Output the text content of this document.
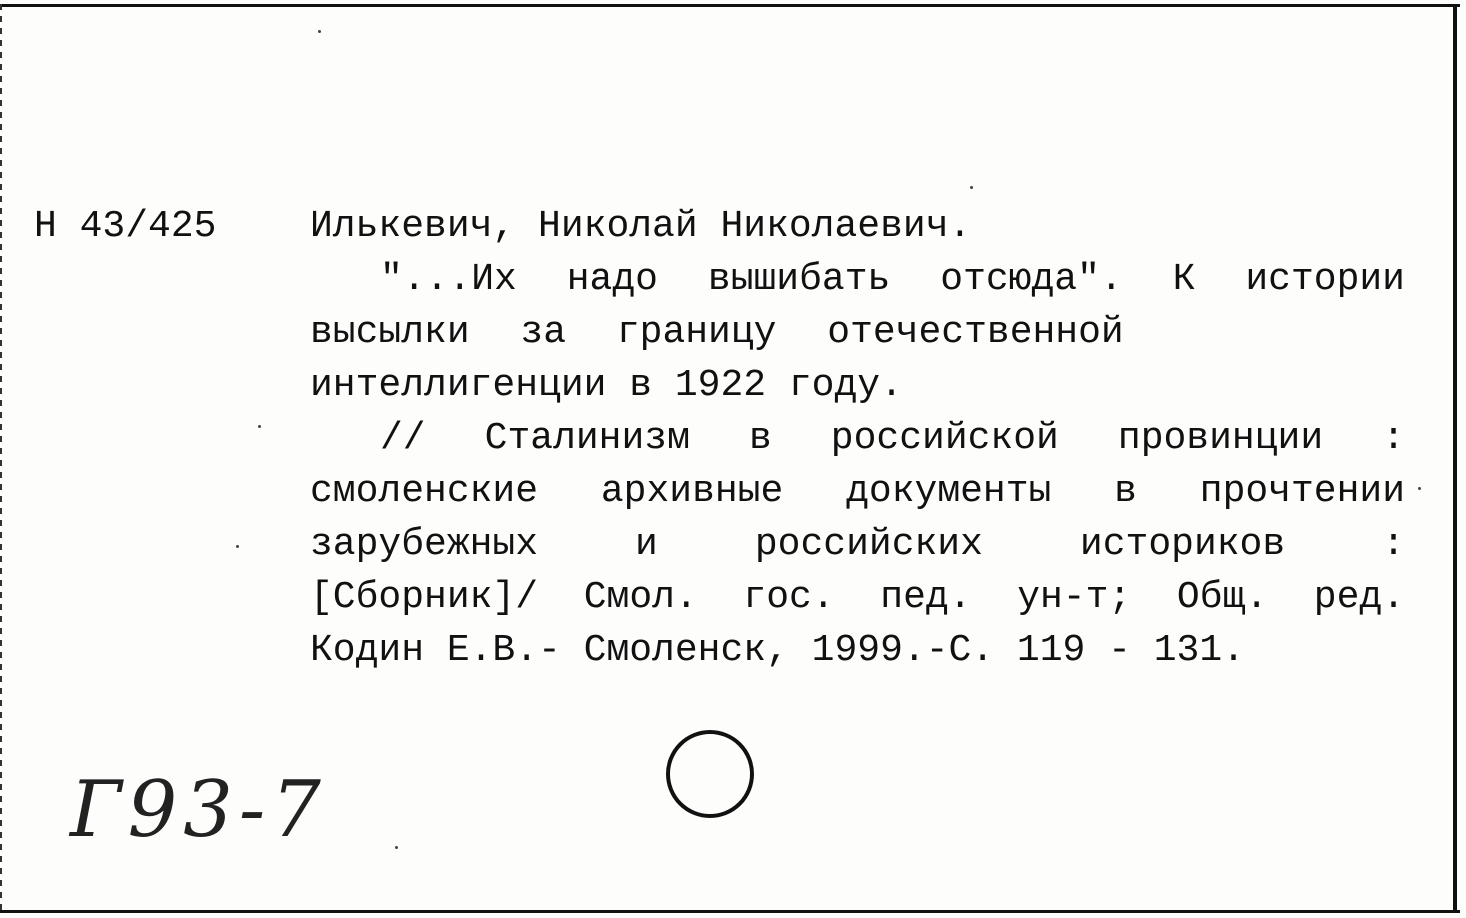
Н 43/425 Илькевич, Николай Николаевич.
"...Их надо вышибать отсюда". К истории
высылки за границу отечественной
интеллигенции в 1922 году.
// Сталинизм в российской провинции :
смоленские архивные документы в прочтении
зарубежных и российских историков :
[Сборник]/ Смол. гос. пед. ун-т; Общ. ред.
Кодин Е.В.- Смоленск, 1999.-С. 119 - 131.
Г93-7
